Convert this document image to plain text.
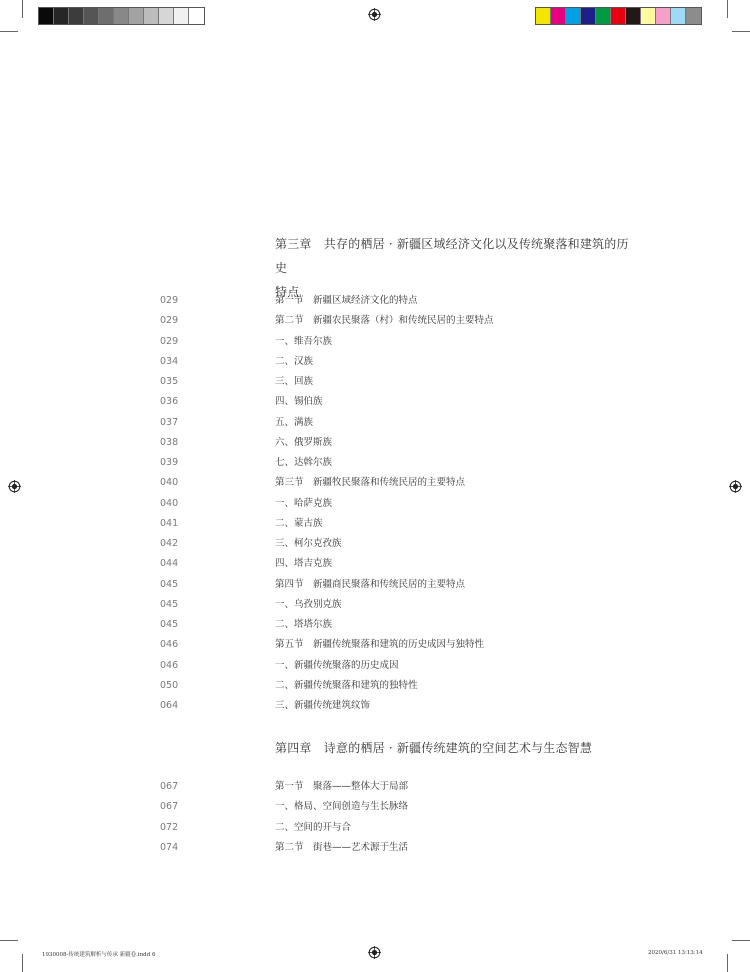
第三章　共存的栖居 · 新疆区域经济文化以及传统聚落和建筑的历史
特点
029	第一节　新疆区域经济文化的特点
029	第二节　新疆农民聚落（村）和传统民居的主要特点
029	一、维吾尔族
034	二、汉族
035	三、回族
036	四、锡伯族
037	五、满族
038	六、俄罗斯族
039	七、达斡尔族
040	第三节　新疆牧民聚落和传统民居的主要特点
040	一、哈萨克族
041	二、蒙古族
042	三、柯尔克孜族
044	四、塔吉克族
045	第四节　新疆商民聚落和传统民居的主要特点
045	一、乌孜别克族
045	二、塔塔尔族
046	第五节　新疆传统聚落和建筑的历史成因与独特性
046	一、新疆传统聚落的历史成因
050	二、新疆传统聚落和建筑的独特性
064	三、新疆传统建筑纹饰
第四章　诗意的栖居 · 新疆传统建筑的空间艺术与生态智慧
067	第一节　聚落——整体大于局部
067	一、格局、空间创造与生长脉络
072	二、空间的开与合
074	第二节　街巷——艺术源于生活
1930008-传统建筑解析与传承 新疆卷.indd 6	2020/6/31 13:13:14
